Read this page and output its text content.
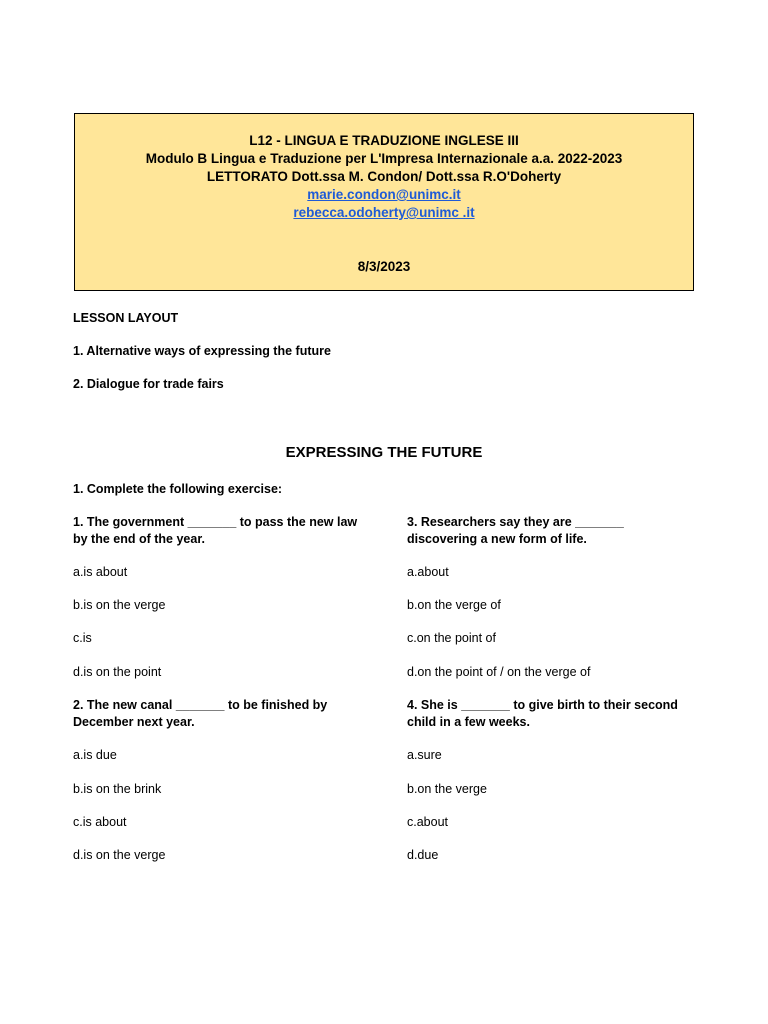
L12 - LINGUA E TRADUZIONE INGLESE III
Modulo B Lingua e Traduzione per L'Impresa Internazionale a.a. 2022-2023
LETTORATO Dott.ssa M. Condon/ Dott.ssa R.O'Doherty
marie.condon@unimc.it
rebecca.odoherty@unimc .it
8/3/2023
LESSON LAYOUT
1. Alternative ways of expressing the future
2. Dialogue for trade fairs
EXPRESSING THE FUTURE
1. Complete the following exercise:
1. The government _______ to pass the new law by the end of the year.
a.is about
b.is on the verge
c.is
d.is on the point
2. The new canal _______ to be finished by December next year.
a.is due
b.is on the brink
c.is about
d.is on the verge
3. Researchers say they are _______ discovering a new form of life.
a.about
b.on the verge of
c.on the point of
d.on the point of / on the verge of
4. She is _______ to give birth to their second child in a few weeks.
a.sure
b.on the verge
c.about
d.due
